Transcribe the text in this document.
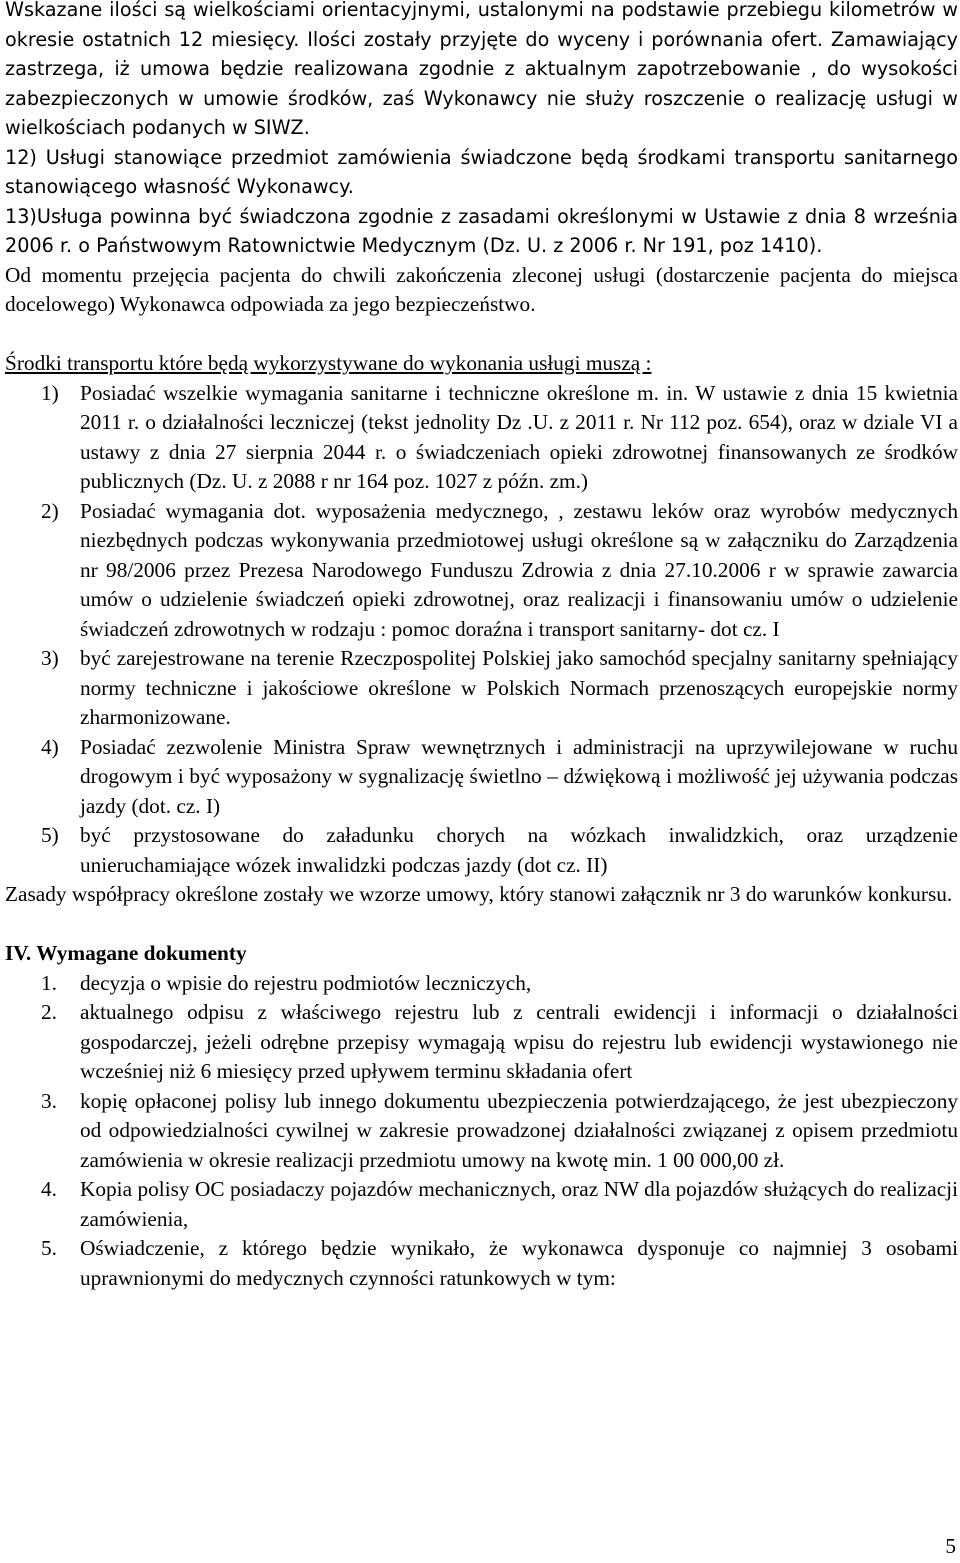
Wskazane ilości są wielkościami orientacyjnymi, ustalonymi na podstawie przebiegu kilometrów w okresie ostatnich 12 miesięcy. Ilości zostały przyjęte do wyceny i porównania ofert. Zamawiający zastrzega, iż umowa będzie realizowana zgodnie z aktualnym zapotrzebowanie , do wysokości zabezpieczonych w umowie środków, zaś Wykonawcy nie służy roszczenie o realizację usługi w wielkościach podanych w SIWZ.

12) Usługi stanowiące przedmiot zamówienia świadczone będą środkami transportu sanitarnego stanowiącego własność Wykonawcy.

13)Usługa powinna być świadczona zgodnie z zasadami określonymi w Ustawie z dnia 8 września 2006 r. o Państwowym Ratownictwie Medycznym (Dz. U. z 2006 r. Nr 191, poz 1410).

Od momentu przejęcia pacjenta do chwili zakończenia zleconej usługi (dostarczenie pacjenta do miejsca docelowego) Wykonawca odpowiada za jego bezpieczeństwo.

Środki transportu które będą wykorzystywane do wykonania usługi muszą :

1) Posiadać wszelkie wymagania sanitarne i techniczne określone m. in. W ustawie z dnia 15 kwietnia 2011 r. o działalności leczniczej (tekst jednolity Dz .U. z 2011 r. Nr 112 poz. 654), oraz w dziale VI a ustawy z dnia 27 sierpnia 2044 r. o świadczeniach opieki zdrowotnej finansowanych ze środków publicznych (Dz. U. z 2088 r nr 164 poz. 1027 z późn. zm.)
2) Posiadać wymagania dot. wyposażenia medycznego, , zestawu leków oraz wyrobów medycznych niezbędnych podczas wykonywania przedmiotowej usługi określone są w załączniku do Zarządzenia nr 98/2006 przez Prezesa Narodowego Funduszu Zdrowia z dnia 27.10.2006 r w sprawie zawarcia umów o udzielenie świadczeń opieki zdrowotnej, oraz realizacji i finansowaniu umów o udzielenie świadczeń zdrowotnych w rodzaju : pomoc doraźna i transport sanitarny- dot cz. I
3) być zarejestrowane na terenie Rzeczpospolitej Polskiej jako samochód specjalny sanitarny spełniający normy techniczne i jakościowe określone w Polskich Normach przenoszących europejskie normy zharmonizowane.
4) Posiadać zezwolenie Ministra Spraw wewnętrznych i administracji na uprzywilejowane w ruchu drogowym i być wyposażony w sygnalizację świetlno – dźwiękową i możliwość jej używania podczas jazdy (dot. cz. I)
5) być przystosowane do załadunku chorych na wózkach inwalidzkich, oraz urządzenie unieruchamiające wózek inwalidzki podczas jazdy (dot cz. II)

Zasady współpracy określone zostały we wzorze umowy, który stanowi załącznik nr 3 do warunków konkursu.

IV. Wymagane dokumenty

1. decyzja o wpisie do rejestru podmiotów leczniczych,
2. aktualnego odpisu z właściwego rejestru lub z centrali ewidencji i informacji o działalności gospodarczej, jeżeli odrębne przepisy wymagają wpisu do rejestru lub ewidencji wystawionego nie wcześniej niż 6 miesięcy przed upływem terminu składania ofert
3. kopię opłaconej polisy lub innego dokumentu ubezpieczenia potwierdzającego, że jest ubezpieczony od odpowiedzialności cywilnej w zakresie prowadzonej działalności związanej z opisem przedmiotu zamówienia w okresie realizacji przedmiotu umowy na kwotę min. 1 00 000,00 zł.
4. Kopia polisy OC posiadaczy pojazdów mechanicznych, oraz NW dla pojazdów służących do realizacji zamówienia,
5. Oświadczenie, z którego będzie wynikało, że wykonawca dysponuje co najmniej 3 osobami uprawnionymi do medycznych czynności ratunkowych w tym:
5
